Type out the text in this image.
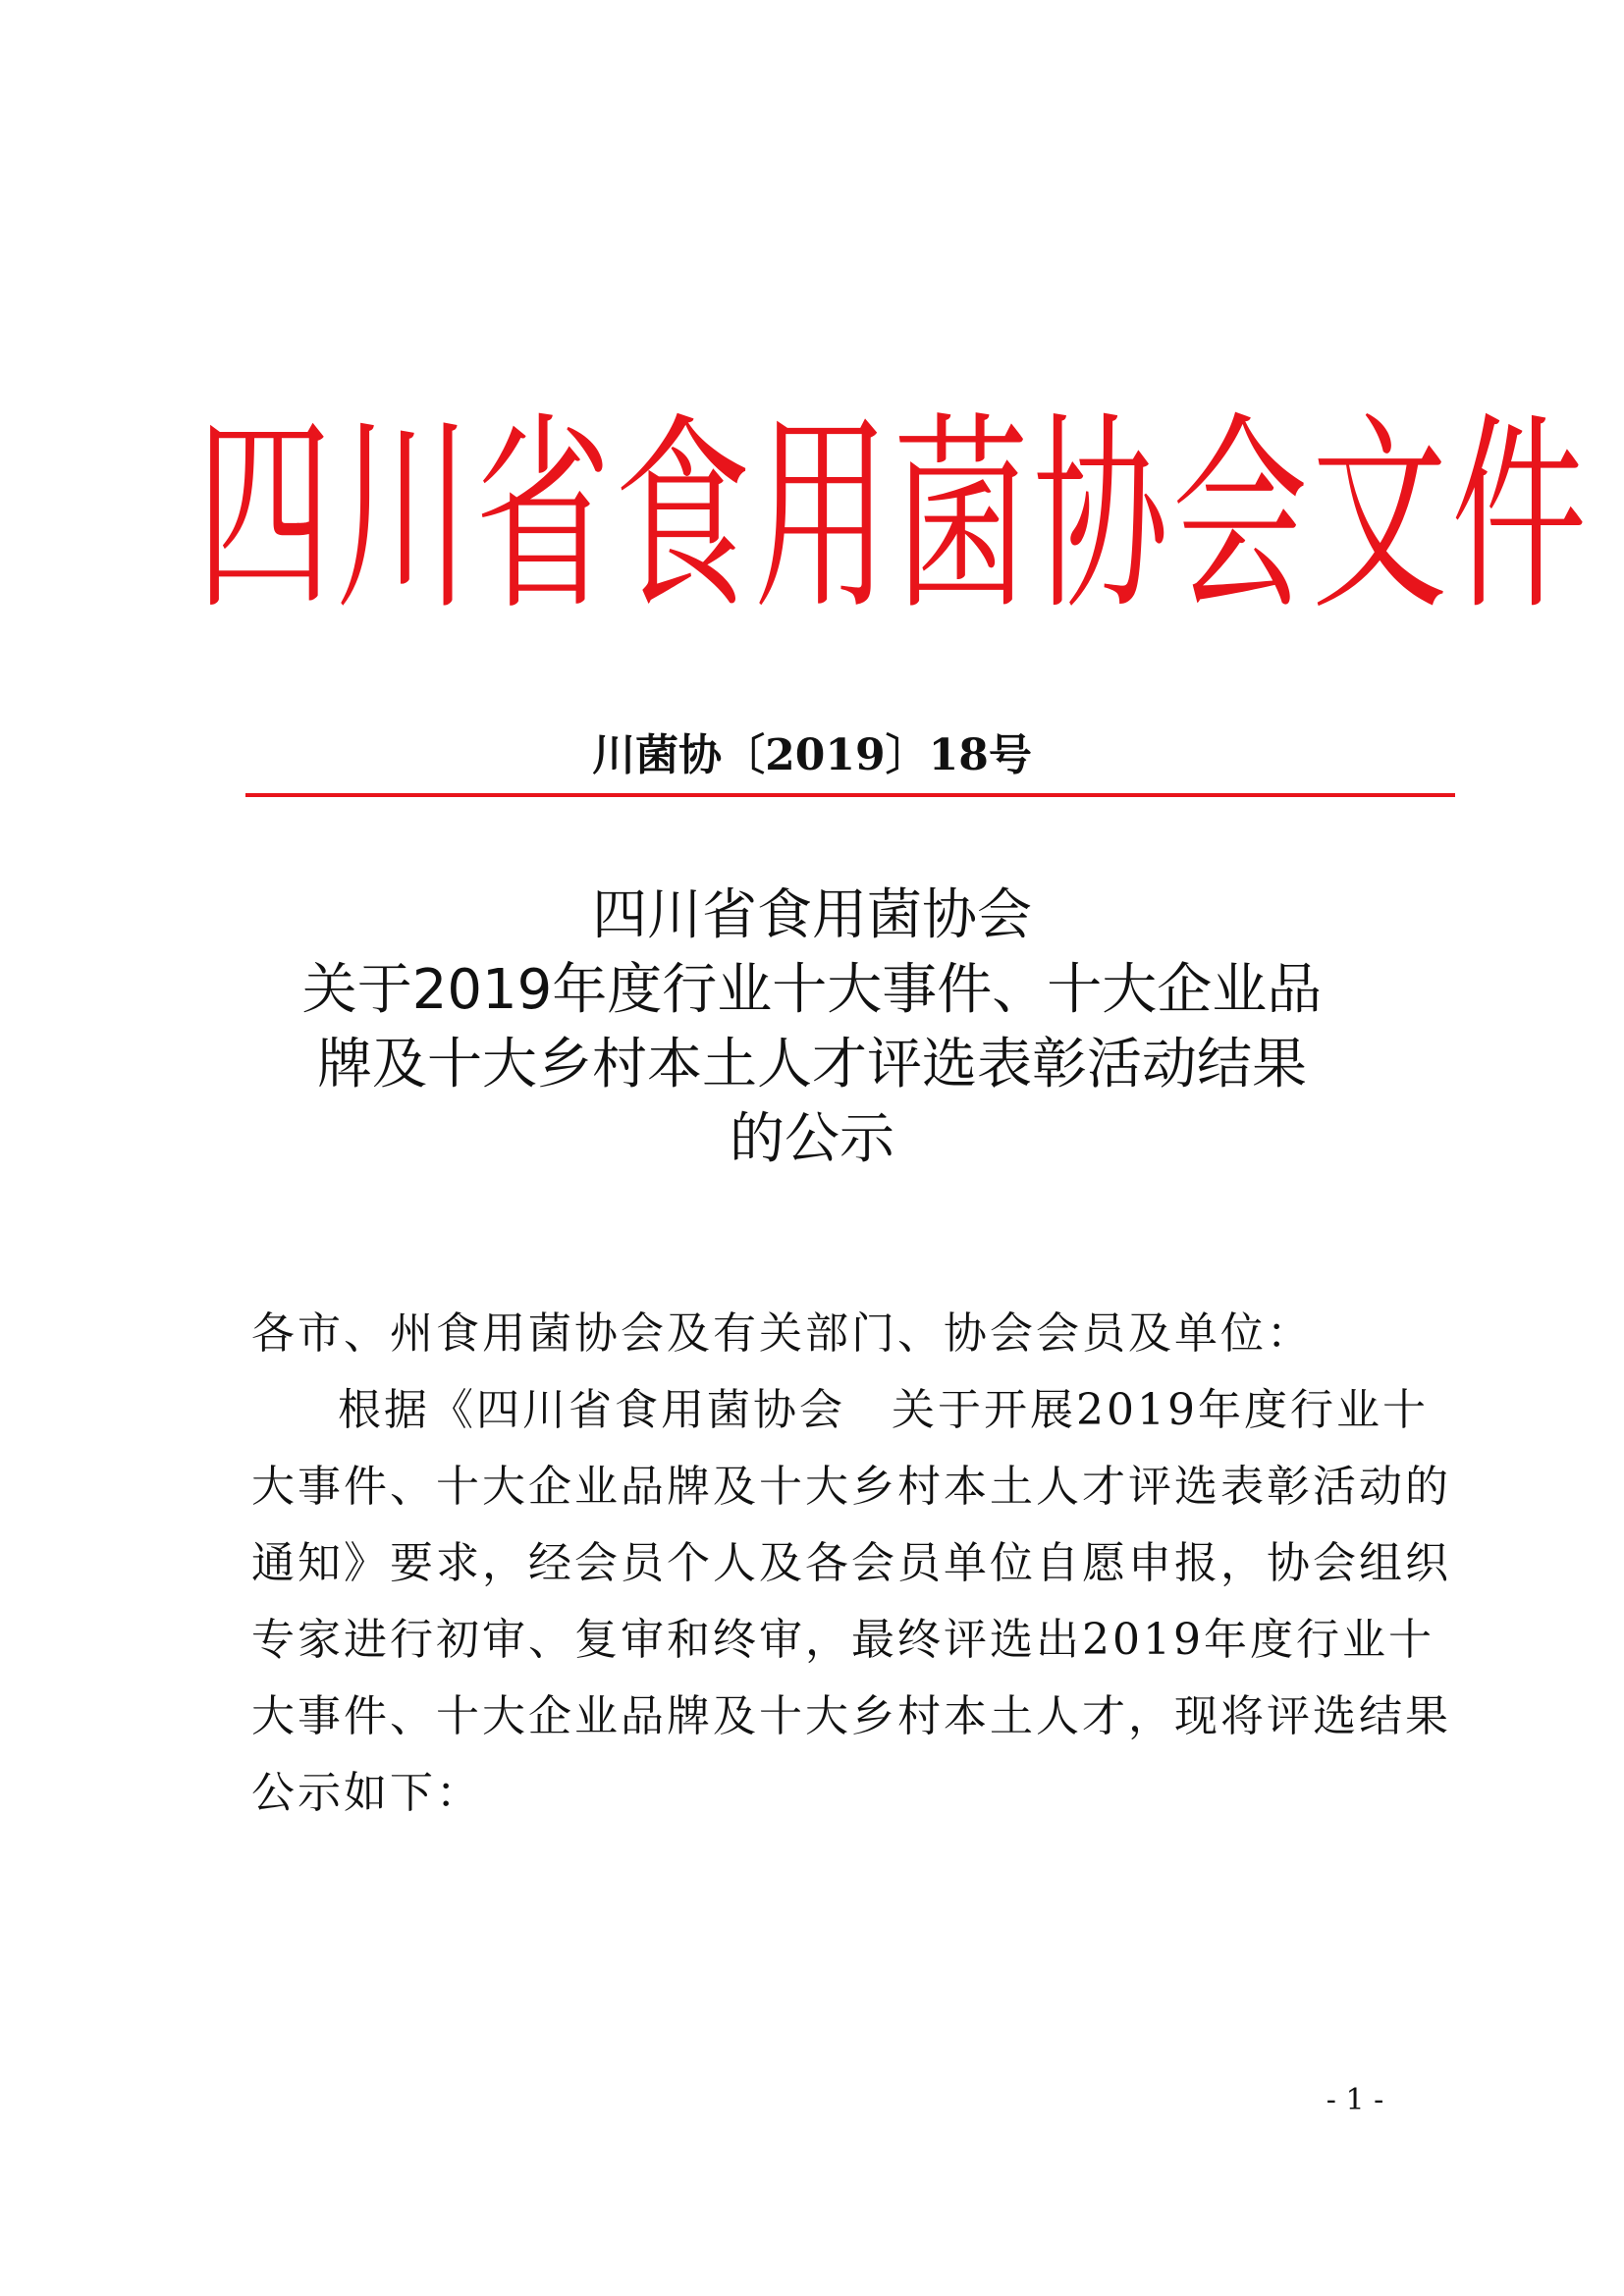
四川省食用菌协会文件
川菌协〔2019〕18号
四川省食用菌协会
关于2019年度行业十大事件、十大企业品
牌及十大乡村本土人才评选表彰活动结果
的公示

各市、州食用菌协会及有关部门、协会会员及单位：

根据《四川省食用菌协会　关于开展2019年度行业十

大事件、十大企业品牌及十大乡村本土人才评选表彰活动的

通知》要求，经会员个人及各会员单位自愿申报，协会组织

专家进行初审、复审和终审，最终评选出2019年度行业十

大事件、十大企业品牌及十大乡村本土人才，现将评选结果

公示如下：

- 1 -
